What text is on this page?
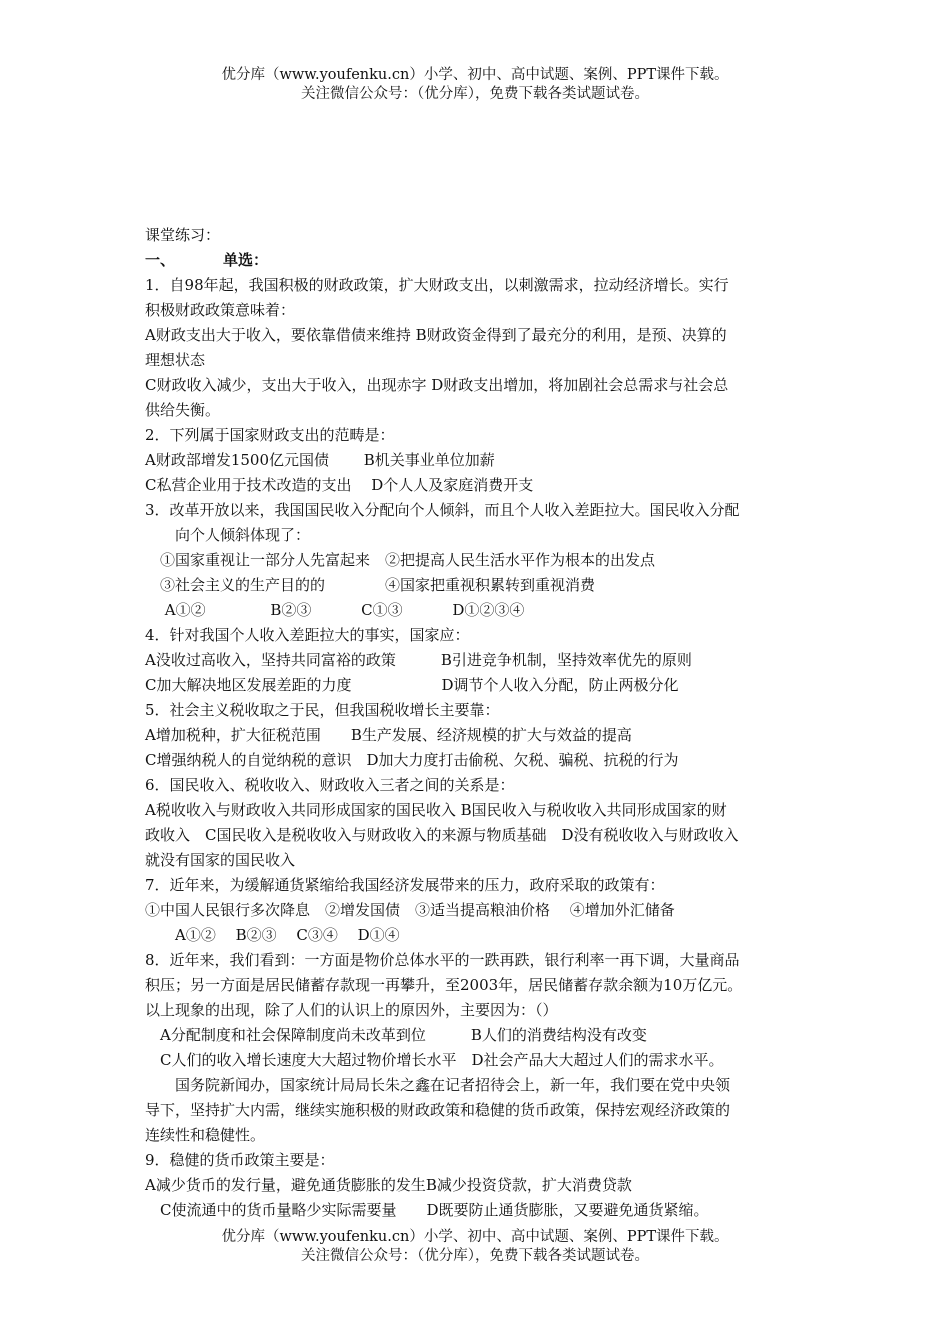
优分库（www.youfenku.cn）小学、初中、高中试题、案例、PPT课件下载。
关注微信公众号：（优分库），免费下载各类试题试卷。
课堂练习：
一、	单选：
1．自98年起，我国积极的财政政策，扩大财政支出，以刺激需求，拉动经济增长。实行
积极财政政策意味着：
A财政支出大于收入，要依靠借债来维持 B财政资金得到了最充分的利用，是预、决算的
理想状态
C财政收入减少，支出大于收入，出现赤字 D财政支出增加，将加剧社会总需求与社会总
供给失衡。
2．下列属于国家财政支出的范畴是：
A财政部增发1500亿元国债　　 B机关事业单位加薪
C私营企业用于技术改造的支出　 D个人人及家庭消费开支
3．改革开放以来，我国国民收入分配向个人倾斜，而且个人收入差距拉大。国民收入分配
　　向个人倾斜体现了：
　①国家重视让一部分人先富起来　②把提高人民生活水平作为根本的出发点
　③社会主义的生产目的的　　　　④国家把重视积累转到重视消费
　 A①②　　　　 B②③　　　 C①③　　　 D①②③④
4．针对我国个人收入差距拉大的事实，国家应：
A没收过高收入，坚持共同富裕的政策　　　B引进竞争机制，坚持效率优先的原则
C加大解决地区发展差距的力度　　　　　　D调节个人收入分配，防止两极分化
5．社会主义税收取之于民，但我国税收增长主要靠：
A增加税种，扩大征税范围　　B生产发展、经济规模的扩大与效益的提高
C增强纳税人的自觉纳税的意识　D加大力度打击偷税、欠税、骗税、抗税的行为
6．国民收入、税收收入、财政收入三者之间的关系是：
A税收收入与财政收入共同形成国家的国民收入 B国民收入与税收收入共同形成国家的财
政收入　C国民收入是税收收入与财政收入的来源与物质基础　D没有税收收入与财政收入
就没有国家的国民收入
7．近年来，为缓解通货紧缩给我国经济发展带来的压力，政府采取的政策有：
①中国人民银行多次降息　②增发国债　③适当提高粮油价格　 ④增加外汇储备
　　A①②　 B②③　 C③④　 D①④
8．近年来，我们看到：一方面是物价总体水平的一跌再跌，银行利率一再下调，大量商品
积压；另一方面是居民储蓄存款现一再攀升，至2003年，居民储蓄存款余额为10万亿元。
以上现象的出现，除了人们的认识上的原因外，主要因为：（）
　A分配制度和社会保障制度尚未改革到位　　　B人们的消费结构没有改变
　C人们的收入增长速度大大超过物价增长水平　D社会产品大大超过人们的需求水平。
　　国务院新闻办，国家统计局局长朱之鑫在记者招待会上，新一年，我们要在党中央领
导下，坚持扩大内需，继续实施积极的财政政策和稳健的货币政策，保持宏观经济政策的
连续性和稳健性。
9．稳健的货币政策主要是：
A减少货币的发行量，避免通货膨胀的发生B减少投资贷款，扩大消费贷款
　C使流通中的货币量略少实际需要量　　D既要防止通货膨胀，又要避免通货紧缩。
优分库（www.youfenku.cn）小学、初中、高中试题、案例、PPT课件下载。
关注微信公众号：（优分库），免费下载各类试题试卷。
